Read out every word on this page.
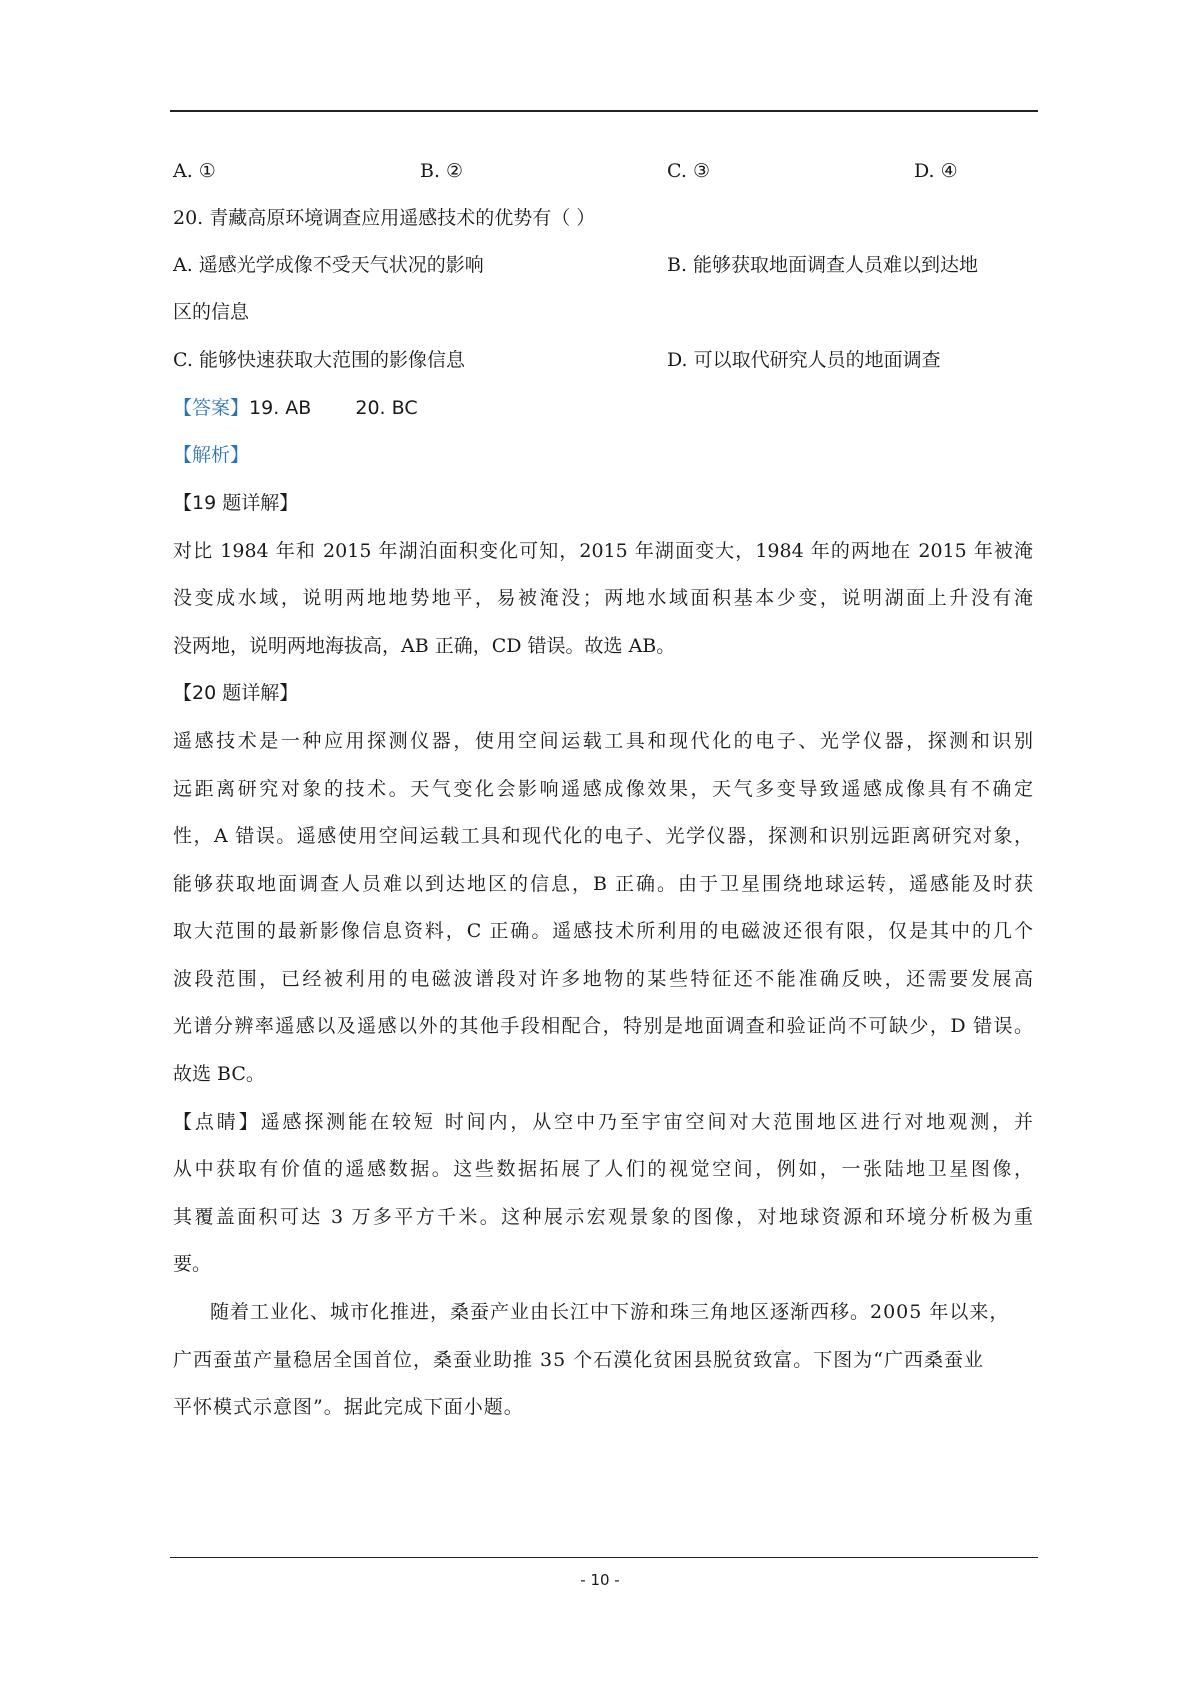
A. ①	B. ②	C. ③	D. ④
20. 青藏高原环境调查应用遥感技术的优势有（ ）
A. 遥感光学成像不受天气状况的影响	B. 能够获取地面调查人员难以到达地
区的信息
C. 能够快速获取大范围的影像信息	D. 可以取代研究人员的地面调查
【答案】19. AB 20. BC
【解析】
【19 题详解】
对比 1984 年和 2015 年湖泊面积变化可知，2015 年湖面变大，1984 年的两地在 2015 年被淹
没变成水域，说明两地地势地平，易被淹没；两地水域面积基本少变，说明湖面上升没有淹
没两地，说明两地海拔高，AB 正确，CD 错误。故选 AB。
【20 题详解】
遥感技术是一种应用探测仪器，使用空间运载工具和现代化的电子、光学仪器，探测和识别
远距离研究对象的技术。天气变化会影响遥感成像效果，天气多变导致遥感成像具有不确定
性，A 错误。遥感使用空间运载工具和现代化的电子、光学仪器，探测和识别远距离研究对象，
能够获取地面调查人员难以到达地区的信息，B 正确。由于卫星围绕地球运转，遥感能及时获
取大范围的最新影像信息资料，C 正确。遥感技术所利用的电磁波还很有限，仅是其中的几个
波段范围，已经被利用的电磁波谱段对许多地物的某些特征还不能准确反映，还需要发展高
光谱分辨率遥感以及遥感以外的其他手段相配合，特别是地面调查和验证尚不可缺少，D 错误。
故选 BC。
【点睛】遥感探测能在较短 时间内，从空中乃至宇宙空间对大范围地区进行对地观测，并
从中获取有价值的遥感数据。这些数据拓展了人们的视觉空间，例如，一张陆地卫星图像，
其覆盖面积可达 3 万多平方千米。这种展示宏观景象的图像，对地球资源和环境分析极为重
要。
随着工业化、城市化推进，桑蚕产业由长江中下游和珠三角地区逐渐西移。2005 年以来，
广西蚕茧产量稳居全国首位，桑蚕业助推 35 个石漠化贫困县脱贫致富。下图为“广西桑蚕业
平怀模式示意图”。据此完成下面小题。
- 10 -
